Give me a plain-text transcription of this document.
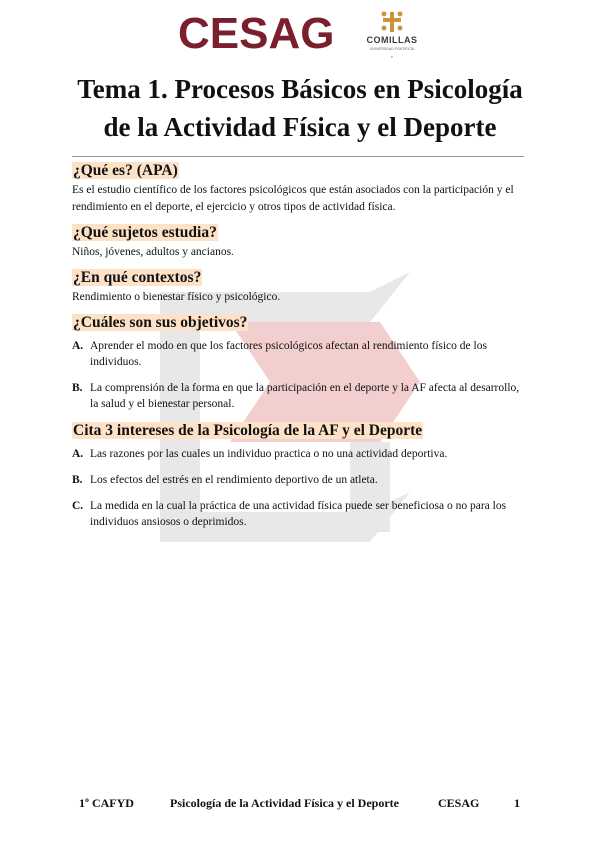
CESAG	COMILLAS
UNIVERSIDAD PONTIFICIA
e
Tema 1. Procesos Básicos en Psicología
de la Actividad Física y el Deporte
¿Qué es? (APA)

Es el estudio científico de los factores psicológicos que están asociados con la participación y el rendimiento en el deporte, el ejercicio y otros tipos de actividad física.

¿Qué sujetos estudia?

Niños, jóvenes, adultos y ancianos.

¿En qué contextos?

Rendimiento o bienestar físico y psicológico.

¿Cuáles son sus objetivos?
A. Aprender el modo en que los factores psicológicos afectan al rendimiento físico de los individuos.
B. La comprensión de la forma en que la participación en el deporte y la AF afecta al desarrollo, la salud y el bienestar personal.
Cita 3 intereses de la Psicología de la AF y el Deporte
A. Las razones por las cuales un individuo practica o no una actividad deportiva.
B. Los efectos del estrés en el rendimiento deportivo de un atleta.
C. La medida en la cual la práctica de una actividad física puede ser beneficiosa o no para los individuos ansiosos o deprimidos.
1º CAFYD	Psicología de la Actividad Física y el Deporte	CESAG	1
